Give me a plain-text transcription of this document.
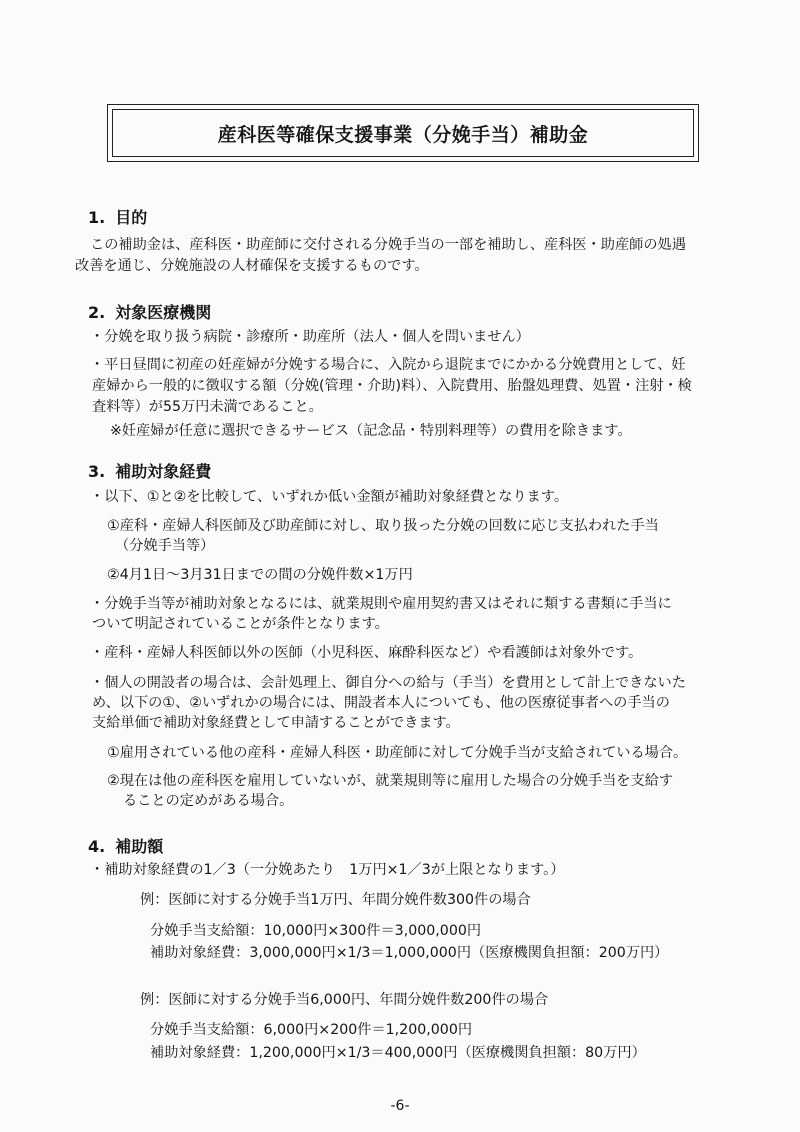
産科医等確保支援事業（分娩手当）補助金
1. 目的
この補助金は、産科医・助産師に交付される分娩手当の一部を補助し、産科医・助産師の処遇
改善を通じ、分娩施設の人材確保を支援するものです。
2. 対象医療機関
・分娩を取り扱う病院・診療所・助産所（法人・個人を問いません）
・平日昼間に初産の妊産婦が分娩する場合に、入院から退院までにかかる分娩費用として、妊
産婦から一般的に徴収する額（分娩(管理・介助)料）、入院費用、胎盤処理費、処置・注射・検
査料等）が55万円未満であること。
※妊産婦が任意に選択できるサービス（記念品・特別料理等）の費用を除きます。
3. 補助対象経費
・以下、①と②を比較して、いずれか低い金額が補助対象経費となります。
①産科・産婦人科医師及び助産師に対し、取り扱った分娩の回数に応じ支払われた手当
（分娩手当等）
②4月1日～3月31日までの間の分娩件数×1万円
・分娩手当等が補助対象となるには、就業規則や雇用契約書又はそれに類する書類に手当に
ついて明記されていることが条件となります。
・産科・産婦人科医師以外の医師（小児科医、麻酔科医など）や看護師は対象外です。
・個人の開設者の場合は、会計処理上、御自分への給与（手当）を費用として計上できないた
め、以下の①、②いずれかの場合には、開設者本人についても、他の医療従事者への手当の
支給単価で補助対象経費として申請することができます。
①雇用されている他の産科・産婦人科医・助産師に対して分娩手当が支給されている場合。
②現在は他の産科医を雇用していないが、就業規則等に雇用した場合の分娩手当を支給す
ることの定めがある場合。
4. 補助額
・補助対象経費の1／3（一分娩あたり　1万円×1／3が上限となります。）
例：医師に対する分娩手当1万円、年間分娩件数300件の場合
分娩手当支給額：10,000円×300件＝3,000,000円
補助対象経費：3,000,000円×1/3＝1,000,000円（医療機関負担額：200万円）
例：医師に対する分娩手当6,000円、年間分娩件数200件の場合
分娩手当支給額：6,000円×200件＝1,200,000円
補助対象経費：1,200,000円×1/3＝400,000円（医療機関負担額：80万円）
-6-
